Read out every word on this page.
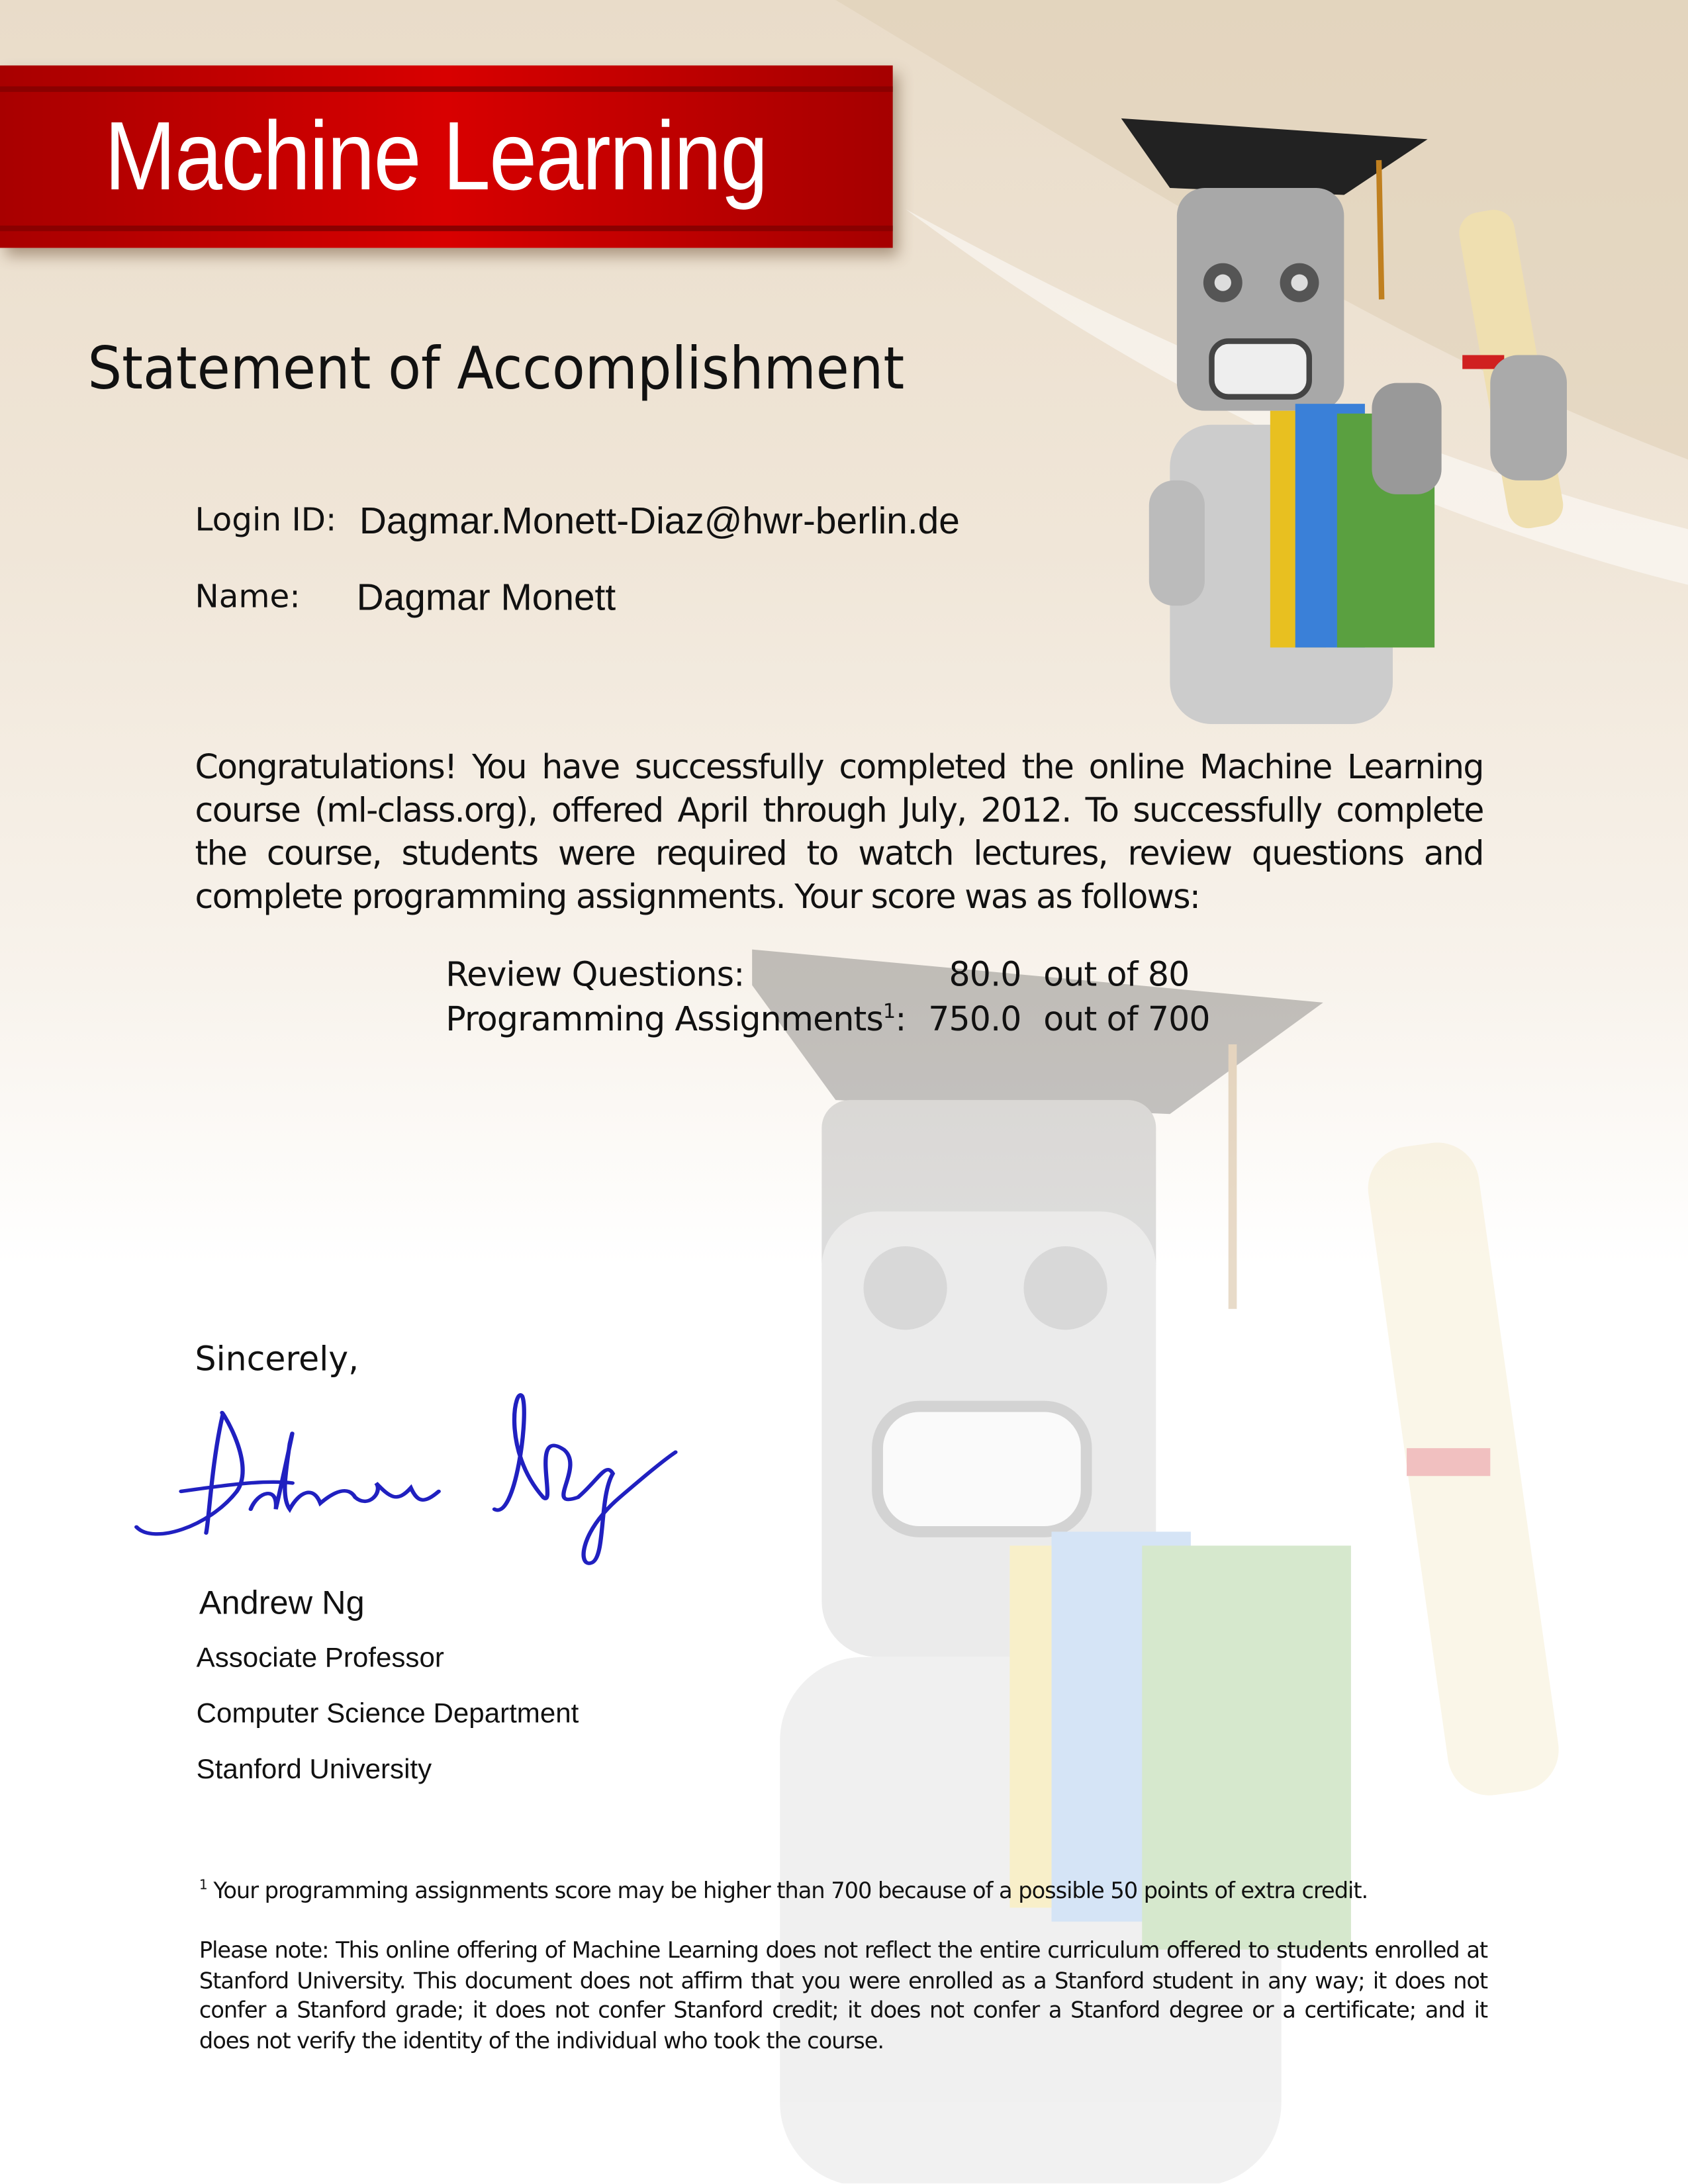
Machine Learning
Statement of Accomplishment
Login ID: Dagmar.Monett-Diaz@hwr-berlin.de
Name:	Dagmar Monett

Congratulations! You have successfully completed the online Machine Learning course (ml-class.org), offered April through July, 2012. To successfully complete the course, students were required to watch lectures, review questions and complete programming assignments. Your score was as follows:

Review Questions:	80.0 out of 80
Programming Assignments$^1$: 750.0 out of 700
Sincerely,
Andrew Ng
Associate Professor
Computer Science Department
Stanford University
$^1$ Your programming assignments score may be higher than 700 because of a possible 50 points of extra credit.
Please note: This online offering of Machine Learning does not reflect the entire curriculum offered to students enrolled at Stanford University. This document does not affirm that you were enrolled as a Stanford student in any way; it does not confer a Stanford grade; it does not confer Stanford credit; it does not confer a Stanford degree or a certificate; and it does not verify the identity of the individual who took the course.
